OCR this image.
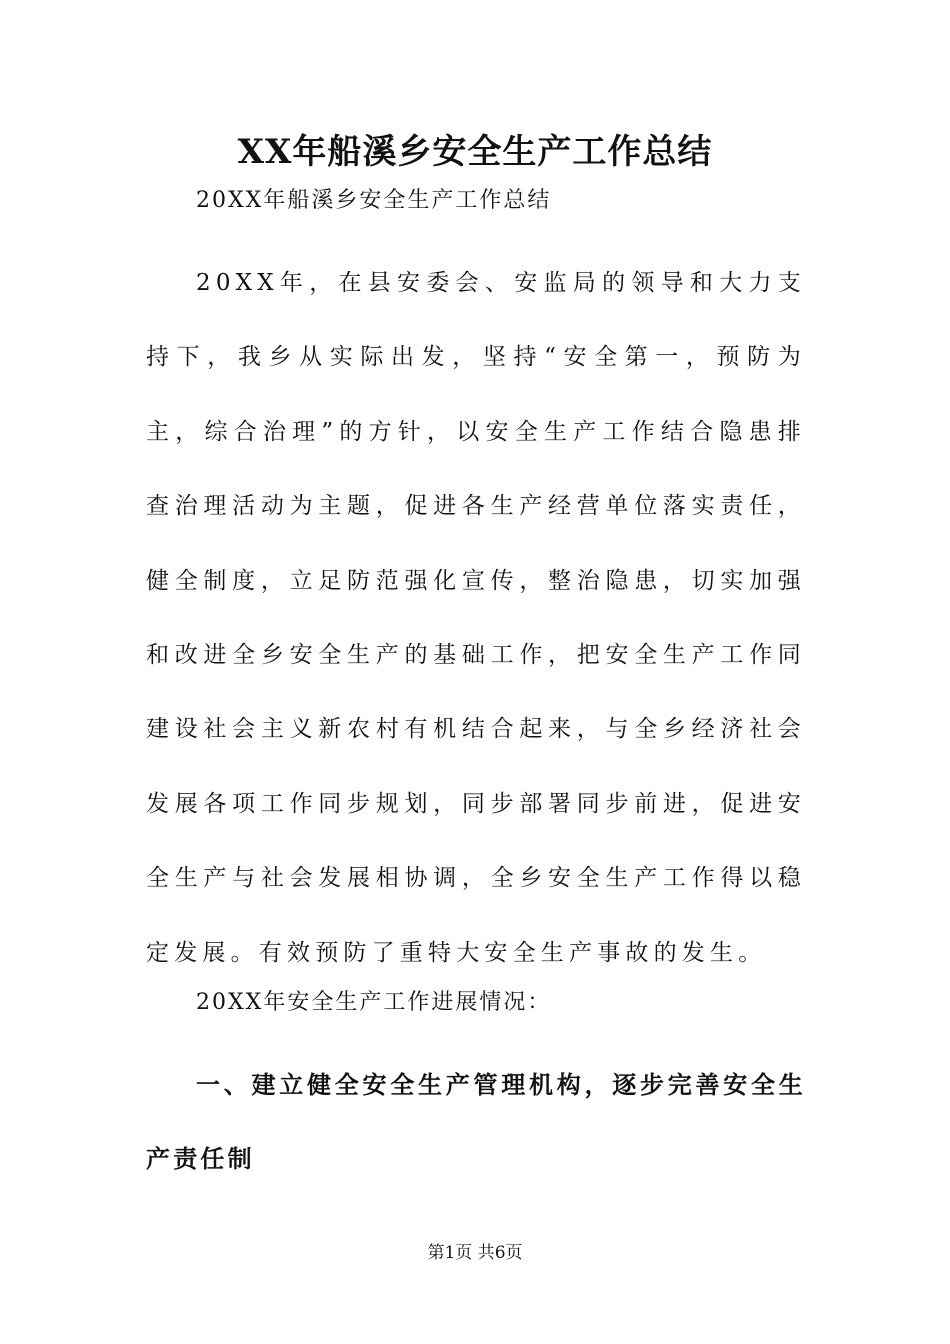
XX年船溪乡安全生产工作总结

20XX年船溪乡安全生产工作总结

20XX年，在县安委会、安监局的领导和大力支持下，我乡从实际出发，坚持“安全第一，预防为主，综合治理”的方针，以安全生产工作结合隐患排查治理活动为主题，促进各生产经营单位落实责任，健全制度，立足防范强化宣传，整治隐患，切实加强和改进全乡安全生产的基础工作，把安全生产工作同建设社会主义新农村有机结合起来，与全乡经济社会发展各项工作同步规划，同步部署同步前进，促进安全生产与社会发展相协调，全乡安全生产工作得以稳定发展。有效预防了重特大安全生产事故的发生。

20XX年安全生产工作进展情况：

一、建立健全安全生产管理机构，逐步完善安全生产责任制
第1页 共6页
